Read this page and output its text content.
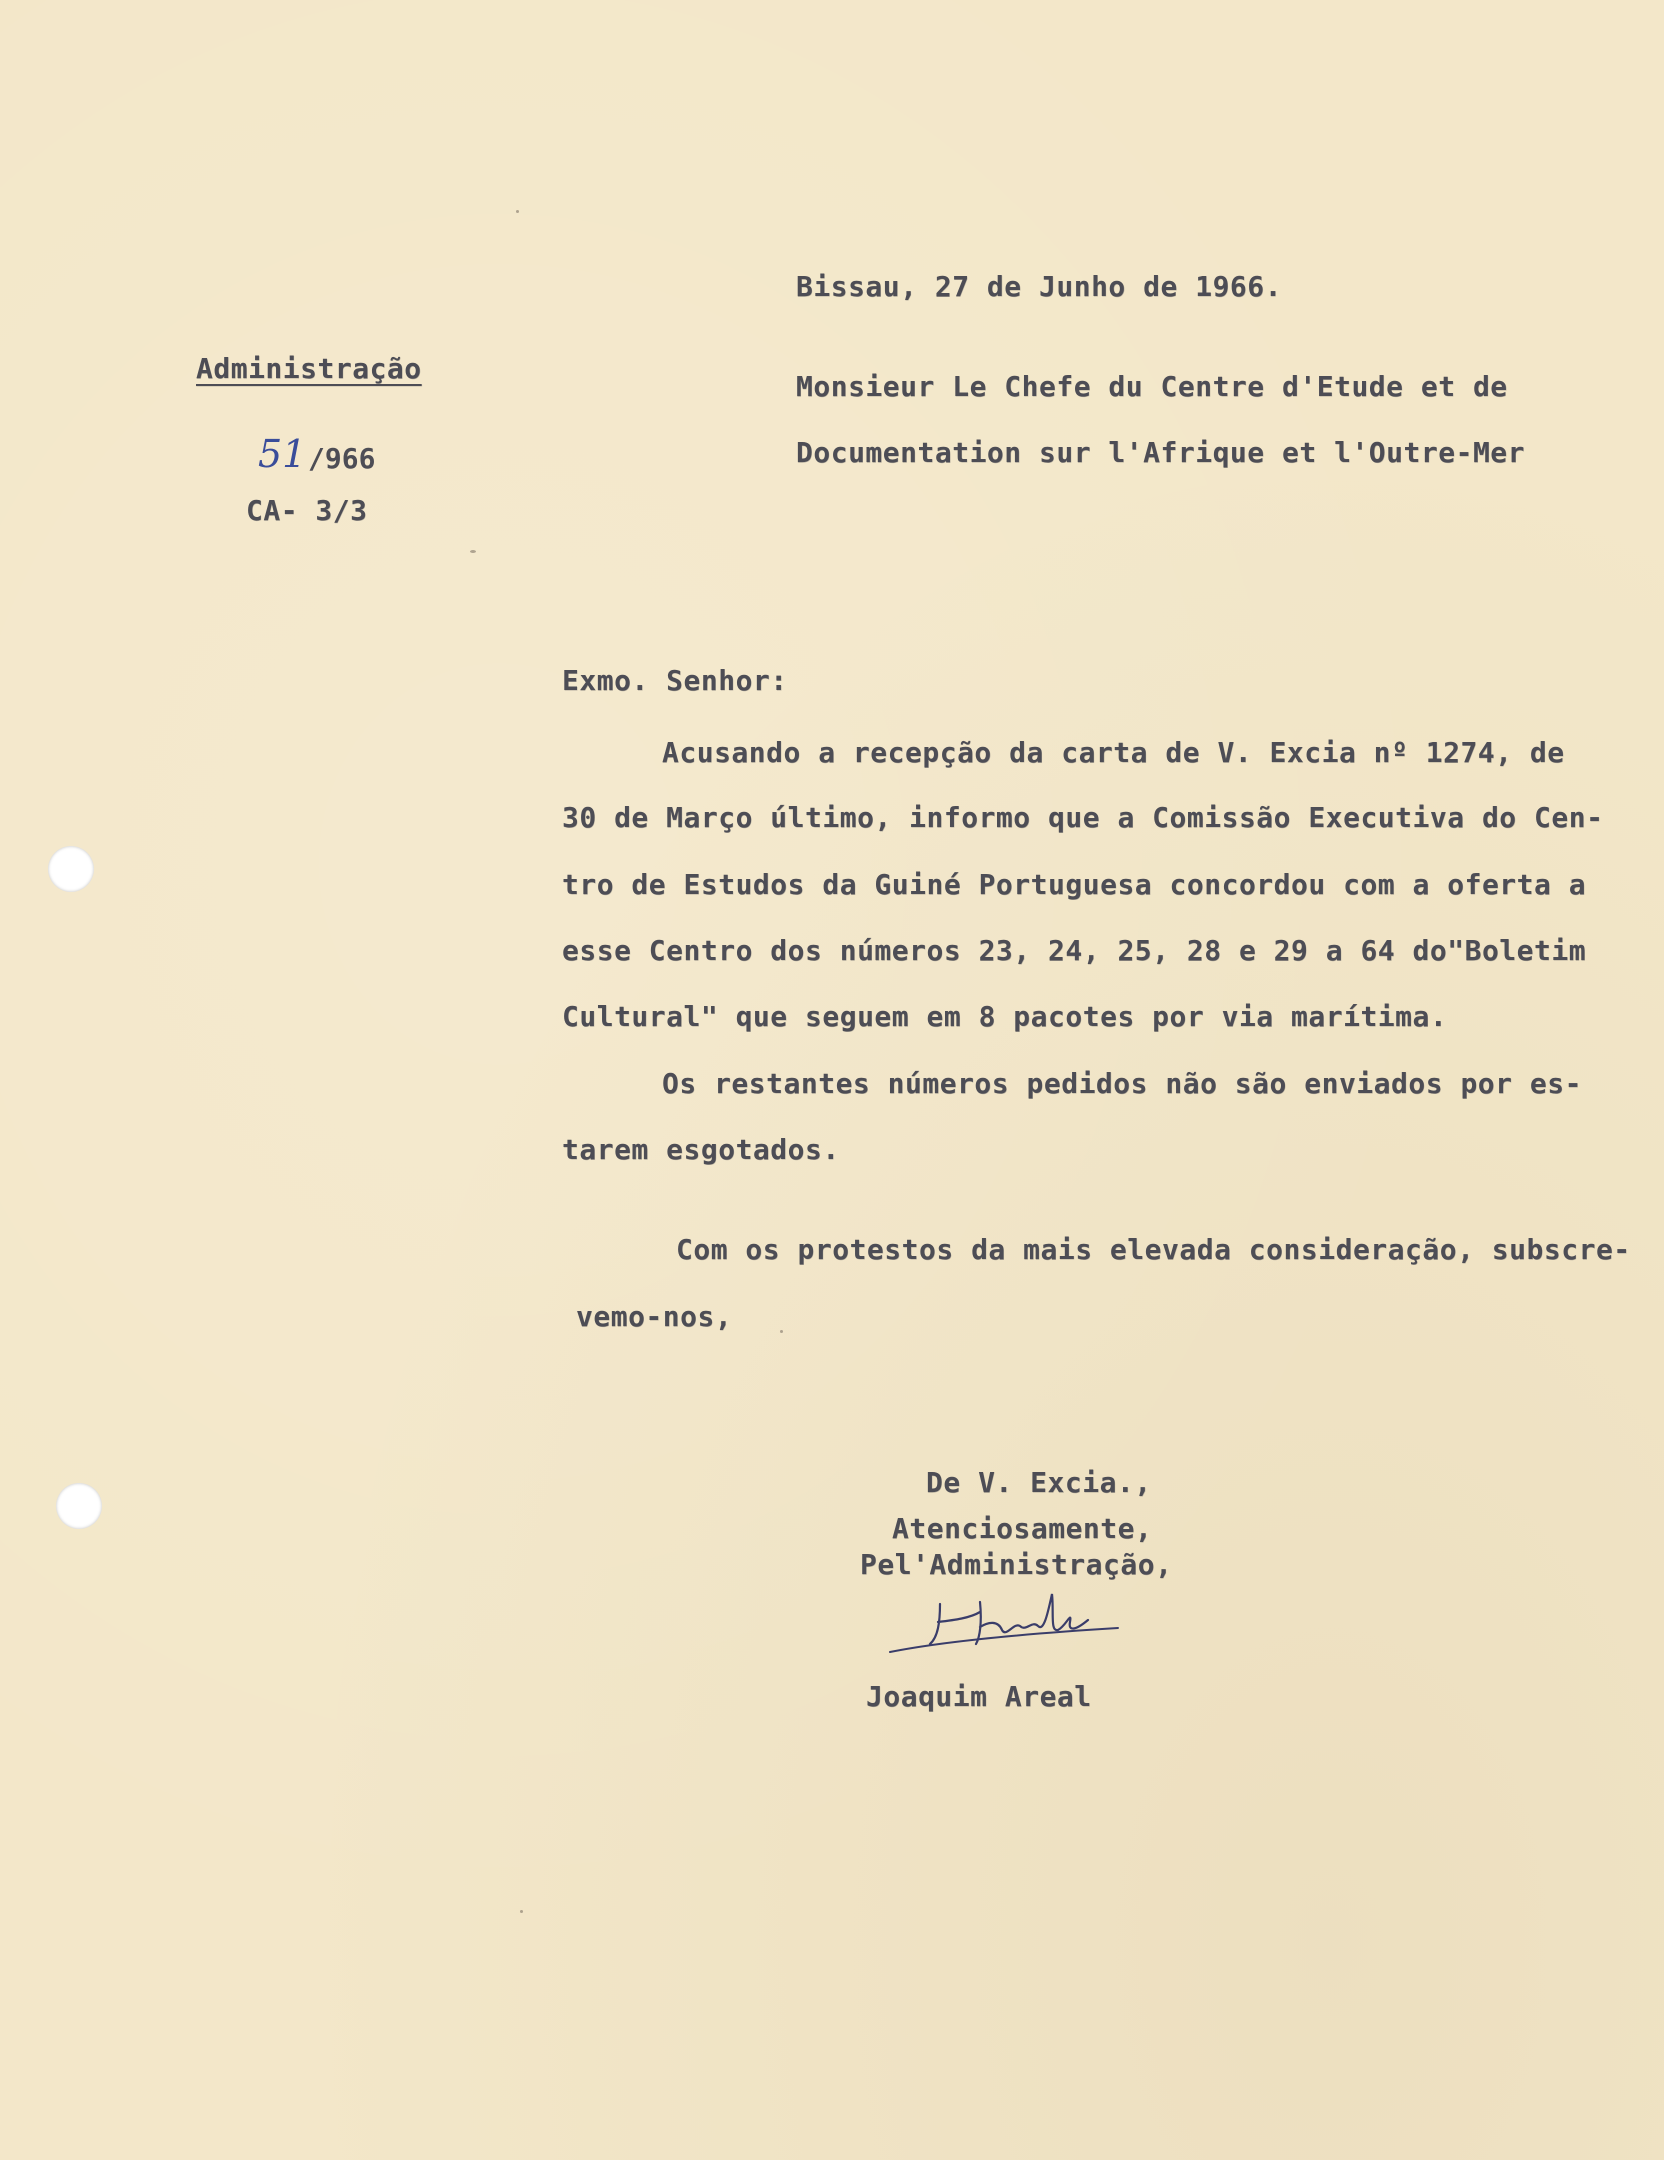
Bissau, 27 de Junho de 1966.

Administração

51 /966

CA- 3/3

Monsieur Le Chefe du Centre d'Etude et de

Documentation sur l'Afrique et l'Outre-Mer

Exmo. Senhor:

Acusando a recepção da carta de V. Excia nº 1274, de

30 de Março último, informo que a Comissão Executiva do Cen-

tro de Estudos da Guiné Portuguesa concordou com a oferta a

esse Centro dos números 23, 24, 25, 28 e 29 a 64 do"Boletim

Cultural" que seguem em 8 pacotes por via marítima.

Os restantes números pedidos não são enviados por es-

tarem esgotados.

Com os protestos da mais elevada consideração, subscre-

vemo-nos,

De V. Excia.,

Atenciosamente,

Pel'Administração,

Joaquim Areal
